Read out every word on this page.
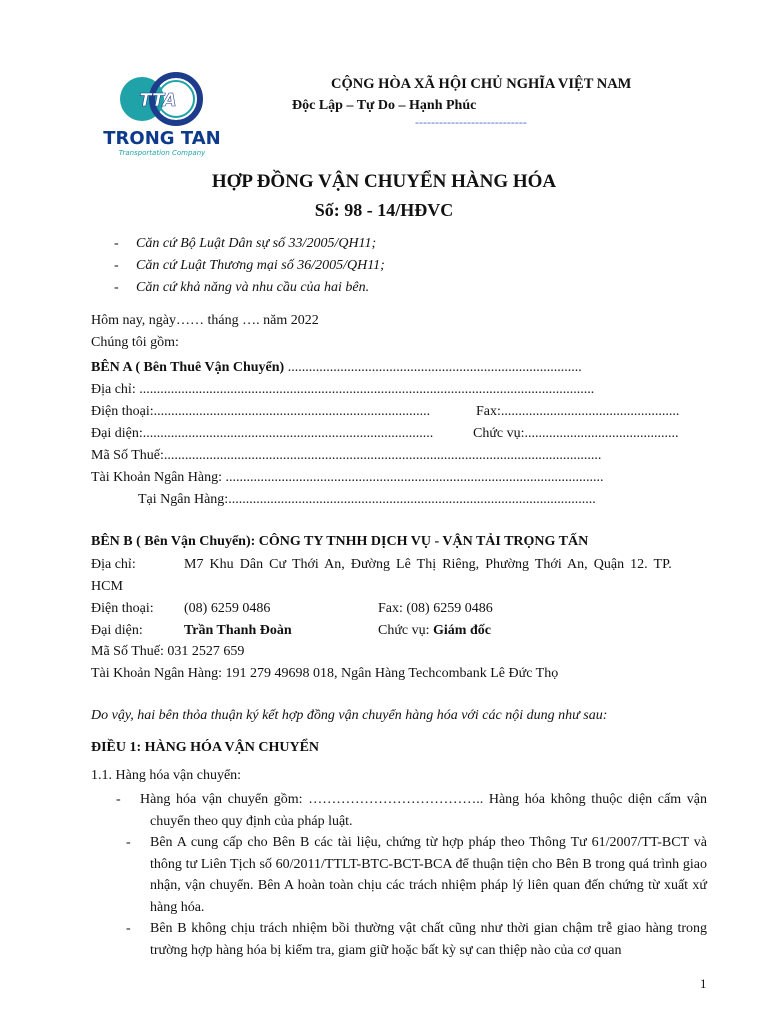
TTA
TRONG TAN
Transportation Company
CỘNG HÒA XÃ HỘI CHỦ NGHĨA VIỆT NAM
Độc Lập – Tự Do – Hạnh Phúc
----------------------------
HỢP ĐỒNG VẬN CHUYỂN HÀNG HÓA
Số: 98 - 14/HĐVC
- Căn cứ Bộ Luật Dân sự số 33/2005/QH11;
- Căn cứ Luật Thương mại số 36/2005/QH11;
- Căn cứ khả năng và nhu cầu của hai bên.
Hôm nay, ngày…… tháng …. năm 2022
Chúng tôi gồm:
BÊN A ( Bên Thuê Vận Chuyển) ....................................................................................
Địa chỉ: ..................................................................................................................................
Điện thoại:...............................................................................	Fax:...................................................
Đại diện:...................................................................................	Chức vụ:............................................
Mã Số Thuế:.............................................................................................................................
Tài Khoản Ngân Hàng: ............................................................................................................
Tại Ngân Hàng:.........................................................................................................
BÊN B ( Bên Vận Chuyển): CÔNG TY TNHH DỊCH VỤ - VẬN TẢI TRỌNG TẤN
Địa chỉ:	M7 Khu Dân Cư Thới An, Đường Lê Thị Riêng, Phường Thới An, Quận 12. TP.
HCM
Điện thoại: (08) 6259 0486	Fax: (08) 6259 0486
Đại diện:	Trần Thanh Đoàn	Chức vụ: Giám đốc
Mã Số Thuế: 031 2527 659
Tài Khoản Ngân Hàng: 191 279 49698 018, Ngân Hàng Techcombank Lê Đức Thọ
Do vậy, hai bên thỏa thuận ký kết hợp đồng vận chuyển hàng hóa với các nội dung như sau:
ĐIỀU 1: HÀNG HÓA VẬN CHUYỂN
1.1. Hàng hóa vận chuyển:
-	Hàng hóa vận chuyển gồm: ……………………………….. Hàng hóa không thuộc diện cấm vận chuyển theo quy định của pháp luật.
- Bên A cung cấp cho Bên B các tài liệu, chứng từ hợp pháp theo Thông Tư 61/2007/TT-BCT và thông tư Liên Tịch số 60/2011/TTLT-BTC-BCT-BCA để thuận tiện cho Bên B trong quá trình giao nhận, vận chuyển. Bên A hoàn toàn chịu các trách nhiệm pháp lý liên quan đến chứng từ xuất xứ hàng hóa.
- Bên B không chịu trách nhiệm bồi thường vật chất cũng như thời gian chậm trễ giao hàng trong trường hợp hàng hóa bị kiểm tra, giam giữ hoặc bất kỳ sự can thiệp nào của cơ quan
1
